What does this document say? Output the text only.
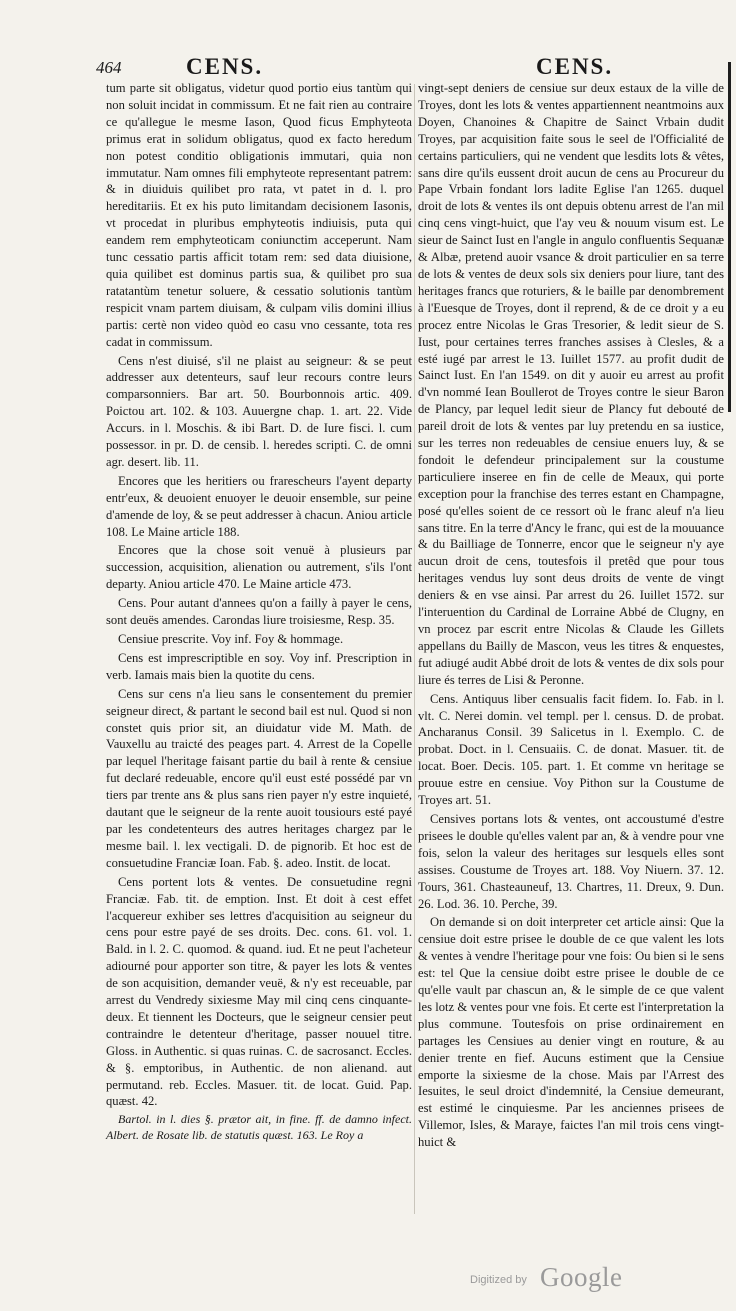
464	CENS.	CENS.

tum parte sit obligatus, videtur quod portio eius tantùm qui non soluit incidat in commissum. Et ne fait rien au contraire ce qu'allegue le mesme Iason, Quod ficus Emphyteota primus erat in solidum obligatus, quod ex facto heredum non potest conditio obligationis immutari, quia non immutatur. Nam omnes fili emphyteote representant patrem: & in diuiduis quilibet pro rata, vt patet in d. l. pro hereditariis. Et ex his puto limitandam decisionem Iasonis, vt procedat in pluribus emphyteotis indiuisis, puta qui eandem rem emphyteoticam coniunctim acceperunt. Nam tunc cessatio partis afficit totam rem: sed data diuisione, quia quilibet est dominus partis sua, & quilibet pro sua ratatantùm tenetur soluere, & cessatio solutionis tantùm respicit vnam partem diuisam, & culpam vilis domini illius partis: certè non video quòd eo casu vno cessante, tota res cadat in commissum.

Cens n'est diuisé, s'il ne plaist au seigneur: & se peut addresser aux detenteurs, sauf leur recours contre leurs comparsonniers. Bar art. 50. Bourbonnois artic. 409. Poictou art. 102. & 103. Auuergne chap. 1. art. 22. Vide Accurs. in l. Moschis. & ibi Bart. D. de Iure fisci. l. cum possessor. in pr. D. de censib. l. heredes scripti. C. de omni agr. desert. lib. 11.

Encores que les heritiers ou frarescheurs l'ayent departy entr'eux, & deuoient enuoyer le deuoir ensemble, sur peine d'amende de loy, & se peut addresser à chacun. Aniou article 108. Le Maine article 188.

Encores que la chose soit venuë à plusieurs par succession, acquisition, alienation ou autrement, s'ils l'ont departy. Aniou article 470. Le Maine article 473.

Cens. Pour autant d'annees qu'on a failly à payer le cens, sont deuës amendes. Carondas liure troisiesme, Resp. 35.

Censiue prescrite. Voy inf. Foy & hommage.

Cens est imprescriptible en soy. Voy inf. Prescription in verb. Iamais mais bien la quotite du cens.

Cens sur cens n'a lieu sans le consentement du premier seigneur direct, & partant le second bail est nul. Quod si non constet quis prior sit, an diuidatur vide M. Math. de Vauxellu au traicté des peages part. 4. Arrest de la Copelle par lequel l'heritage faisant partie du bail à rente & censiue fut declaré redeuable, encore qu'il eust esté possédé par vn tiers par trente ans & plus sans rien payer n'y estre inquieté, dautant que le seigneur de la rente auoit tousiours esté payé par les condetenteurs des autres heritages chargez par le mesme bail. l. lex vectigali. D. de pignorib. Et hoc est de consuetudine Franciæ Ioan. Fab. §. adeo. Instit. de locat.

Cens portent lots & ventes. De consuetudine regni Franciæ. Fab. tit. de emption. Inst. Et doit à cest effet l'acquereur exhiber ses lettres d'acquisition au seigneur du cens pour estre payé de ses droits. Dec. cons. 61. vol. 1. Bald. in l. 2. C. quomod. & quand. iud. Et ne peut l'acheteur adiourné pour apporter son titre, & payer les lots & ventes de son acquisition, demander veuë, & n'y est receuable, par arrest du Vendredy sixiesme May mil cinq cens cinquante-deux. Et tiennent les Docteurs, que le seigneur censier peut contraindre le detenteur d'heritage, passer nouuel titre. Gloss. in Authentic. si quas ruinas. C. de sacrosanct. Eccles. & §. emptoribus, in Authentic. de non alienand. aut permutand. reb. Eccles. Masuer. tit. de locat. Guid. Pap. quæst. 42.

Bartol. in l. dies §. prætor ait, in fine. ff. de damno infect. Albert. de Rosate lib. de statutis quæst. 163. Le Roy a

vingt-sept deniers de censiue sur deux estaux de la ville de Troyes, dont les lots & ventes appartiennent neantmoins aux Doyen, Chanoines & Chapitre de Sainct Vrbain dudit Troyes, par acquisition faite sous le seel de l'Officialité de certains particuliers, qui ne vendent que lesdits lots & vêtes, sans dire qu'ils eussent droit aucun de cens au Procureur du Pape Vrbain fondant lors ladite Eglise l'an 1265. duquel droit de lots & ventes ils ont depuis obtenu arrest de l'an mil cinq cens vingt-huict, que l'ay veu & nouum visum est. Le sieur de Sainct Iust en l'angle in angulo confluentis Sequanæ & Albæ, pretend auoir vsance & droit particulier en sa terre de lots & ventes de deux sols six deniers pour liure, tant des heritages francs que roturiers, & le baille par denombrement à l'Euesque de Troyes, dont il reprend, & de ce droit y a eu procez entre Nicolas le Gras Tresorier, & ledit sieur de S. Iust, pour certaines terres franches assises à Clesles, & a esté iugé par arrest le 13. Iuillet 1577. au profit dudit de Sainct Iust. En l'an 1549. on dit y auoir eu arrest au profit d'vn nommé Iean Boullerot de Troyes contre le sieur Baron de Plancy, par lequel ledit sieur de Plancy fut debouté de pareil droit de lots & ventes par luy pretendu en sa iustice, sur les terres non redeuables de censiue enuers luy, & se fondoit le defendeur principalement sur la coustume particuliere inseree en fin de celle de Meaux, qui porte exception pour la franchise des terres estant en Champagne, posé qu'elles soient de ce ressort où le franc aleuf n'a lieu sans titre. En la terre d'Ancy le franc, qui est de la mouuance & du Bailliage de Tonnerre, encor que le seigneur n'y aye aucun droit de cens, toutesfois il pretêd que pour tous heritages vendus luy sont deus droits de vente de vingt deniers & en vse ainsi. Par arrest du 26. Iuillet 1572. sur l'interuention du Cardinal de Lorraine Abbé de Clugny, en vn procez par escrit entre Nicolas & Claude les Gillets appellans du Bailly de Mascon, veus les titres & enquestes, fut adiugé audit Abbé droit de lots & ventes de dix sols pour liure és terres de Lisi & Peronne.

Cens. Antiquus liber censualis facit fidem. Io. Fab. in l. vlt. C. Nerei domin. vel templ. per l. census. D. de probat. Ancharanus Consil. 39 Salicetus in l. Exemplo. C. de probat. Doct. in l. Censuaiis. C. de donat. Masuer. tit. de locat. Boer. Decis. 105. part. 1. Et comme vn heritage se prouue estre en censiue. Voy Pithon sur la Coustume de Troyes art. 51.

Censives portans lots & ventes, ont accoustumé d'estre prisees le double qu'elles valent par an, & à vendre pour vne fois, selon la valeur des heritages sur lesquels elles sont assises. Coustume de Troyes art. 188. Voy Niuern. 37. 12. Tours, 361. Chasteauneuf, 13. Chartres, 11. Dreux, 9. Dun. 26. Lod. 36. 10. Perche, 39.

On demande si on doit interpreter cet article ainsi: Que la censiue doit estre prisee le double de ce que valent les lots & ventes à vendre l'heritage pour vne fois: Ou bien si le sens est: tel Que la censiue doibt estre prisee le double de ce qu'elle vault par chascun an, & le simple de ce que valent les lotz & ventes pour vne fois. Et certe est l'interpretation la plus commune. Toutesfois on prise ordinairement en partages les Censiues au denier vingt en routure, & au denier trente en fief. Aucuns estiment que la Censiue emporte la sixiesme de la chose. Mais par l'Arrest des Iesuites, le seul droict d'indemnité, la Censiue demeurant, est estimé le cinquiesme. Par les anciennes prisees de Villemor, Isles, & Maraye, faictes l'an mil trois cens vingt-huict &

Digitized by Google
